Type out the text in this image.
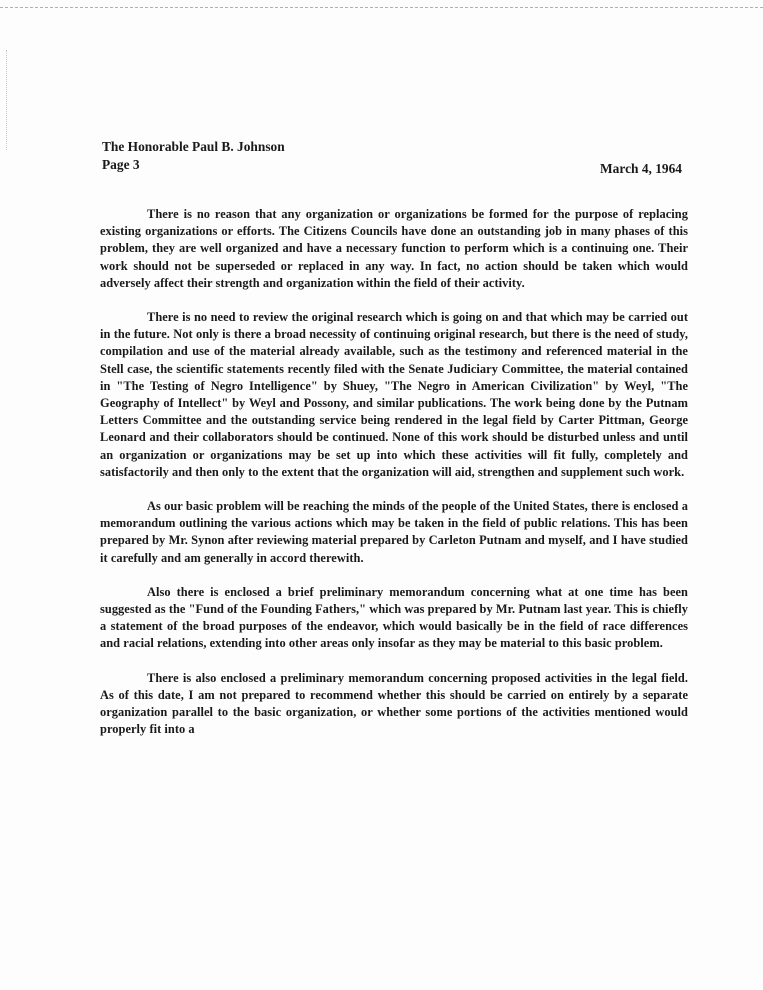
The Honorable Paul B. Johnson
Page 3	March 4, 1964

There is no reason that any organization or organizations be formed for the purpose of replacing existing organizations or efforts. The Citizens Councils have done an outstanding job in many phases of this problem, they are well organized and have a necessary function to perform which is a continuing one. Their work should not be superseded or replaced in any way. In fact, no action should be taken which would adversely affect their strength and organization within the field of their activity.

There is no need to review the original research which is going on and that which may be carried out in the future. Not only is there a broad necessity of continuing original research, but there is the need of study, compilation and use of the material already available, such as the testimony and referenced material in the Stell case, the scientific statements recently filed with the Senate Judiciary Committee, the material contained in "The Testing of Negro Intelligence" by Shuey, "The Negro in American Civilization" by Weyl, "The Geography of Intellect" by Weyl and Possony, and similar publications. The work being done by the Putnam Letters Committee and the outstanding service being rendered in the legal field by Carter Pittman, George Leonard and their collaborators should be continued. None of this work should be disturbed unless and until an organization or organizations may be set up into which these activities will fit fully, completely and satisfactorily and then only to the extent that the organization will aid, strengthen and supplement such work.

As our basic problem will be reaching the minds of the people of the United States, there is enclosed a memorandum outlining the various actions which may be taken in the field of public relations. This has been prepared by Mr. Synon after reviewing material prepared by Carleton Putnam and myself, and I have studied it carefully and am generally in accord therewith.

Also there is enclosed a brief preliminary memorandum concerning what at one time has been suggested as the "Fund of the Founding Fathers," which was prepared by Mr. Putnam last year. This is chiefly a statement of the broad purposes of the endeavor, which would basically be in the field of race differences and racial relations, extending into other areas only insofar as they may be material to this basic problem.

There is also enclosed a preliminary memorandum concerning proposed activities in the legal field. As of this date, I am not prepared to recommend whether this should be carried on entirely by a separate organization parallel to the basic organization, or whether some portions of the activities mentioned would properly fit into a
